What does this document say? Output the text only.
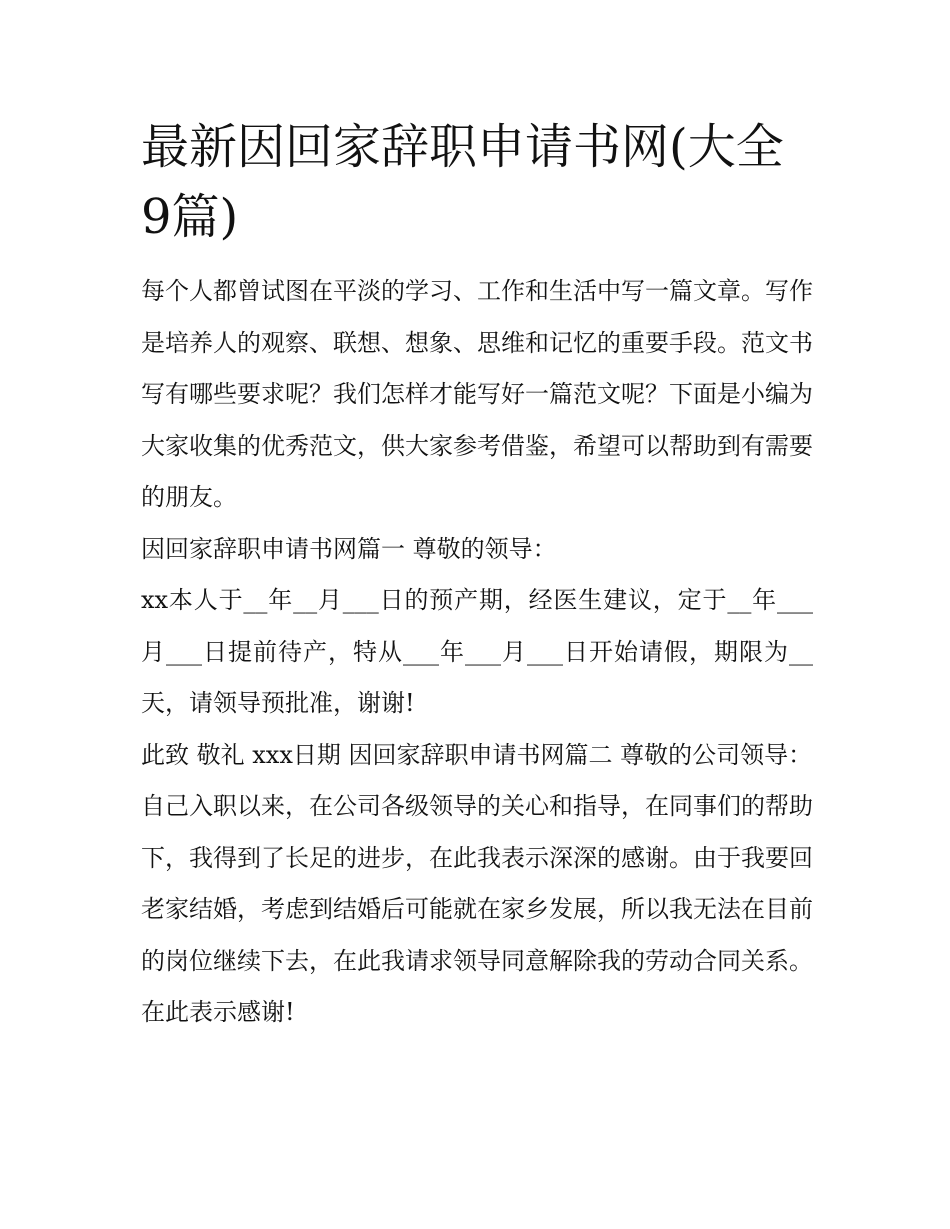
最新因回家辞职申请书网(大全9篇)

每个人都曾试图在平淡的学习、工作和生活中写一篇文章。写作是培养人的观察、联想、想象、思维和记忆的重要手段。范文书写有哪些要求呢？我们怎样才能写好一篇范文呢？下面是小编为大家收集的优秀范文，供大家参考借鉴，希望可以帮助到有需要的朋友。

因回家辞职申请书网篇一 尊敬的领导：

xx本人于__年__月___日的预产期，经医生建议，定于__年___月___日提前待产，特从___年___月___日开始请假，期限为__天，请领导预批准，谢谢!

此致 敬礼 xxx日期 因回家辞职申请书网篇二 尊敬的公司领导：

自己入职以来，在公司各级领导的关心和指导，在同事们的帮助下，我得到了长足的进步，在此我表示深深的感谢。由于我要回老家结婚，考虑到结婚后可能就在家乡发展，所以我无法在目前的岗位继续下去，在此我请求领导同意解除我的劳动合同关系。在此表示感谢!
